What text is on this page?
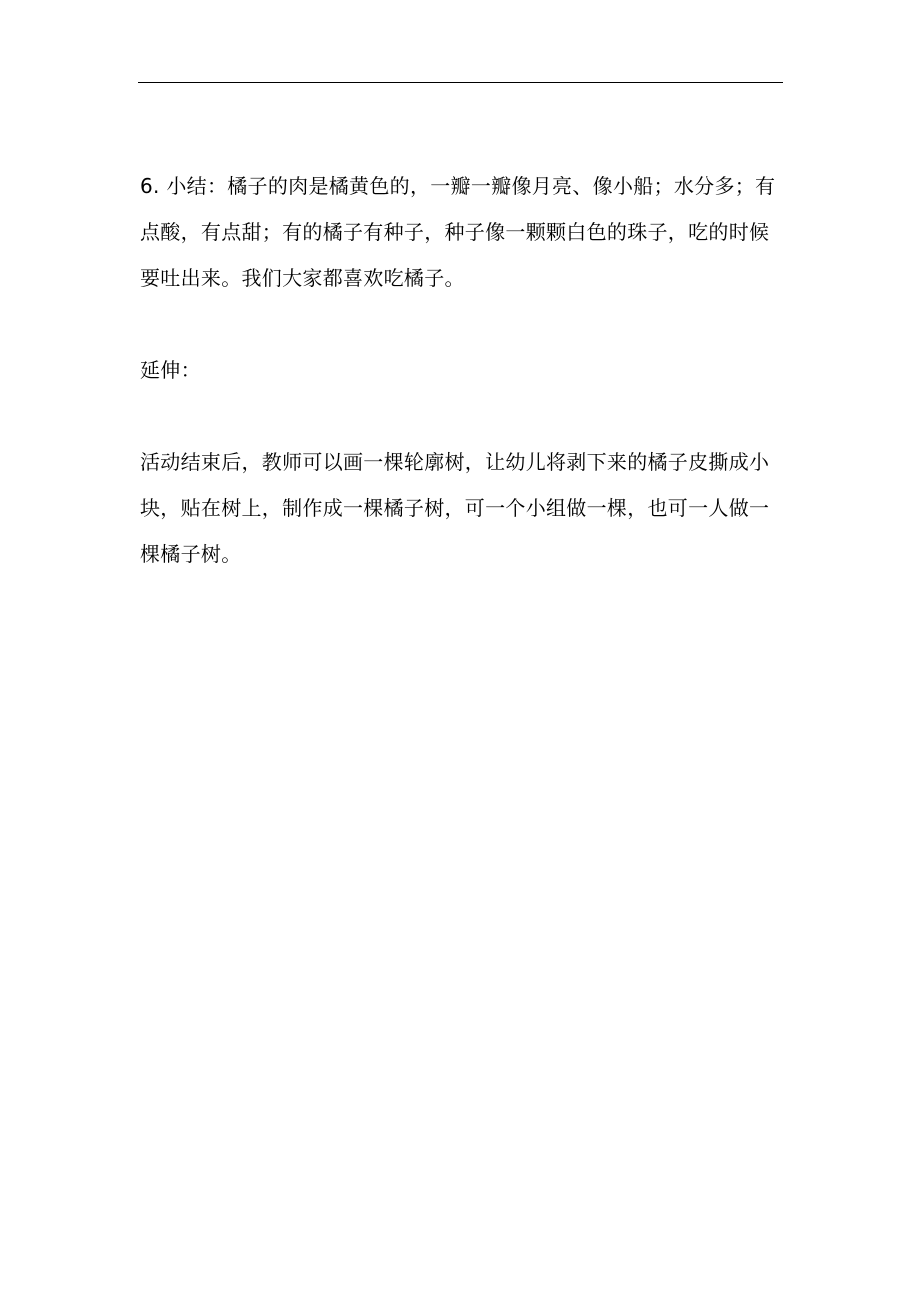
6. 小结：橘子的肉是橘黄色的，一瓣一瓣像月亮、像小船；水分多；有点酸，有点甜；有的橘子有种子，种子像一颗颗白色的珠子，吃的时候要吐出来。我们大家都喜欢吃橘子。

延伸：

活动结束后，教师可以画一棵轮廓树，让幼儿将剥下来的橘子皮撕成小块，贴在树上，制作成一棵橘子树，可一个小组做一棵，也可一人做一棵橘子树。
